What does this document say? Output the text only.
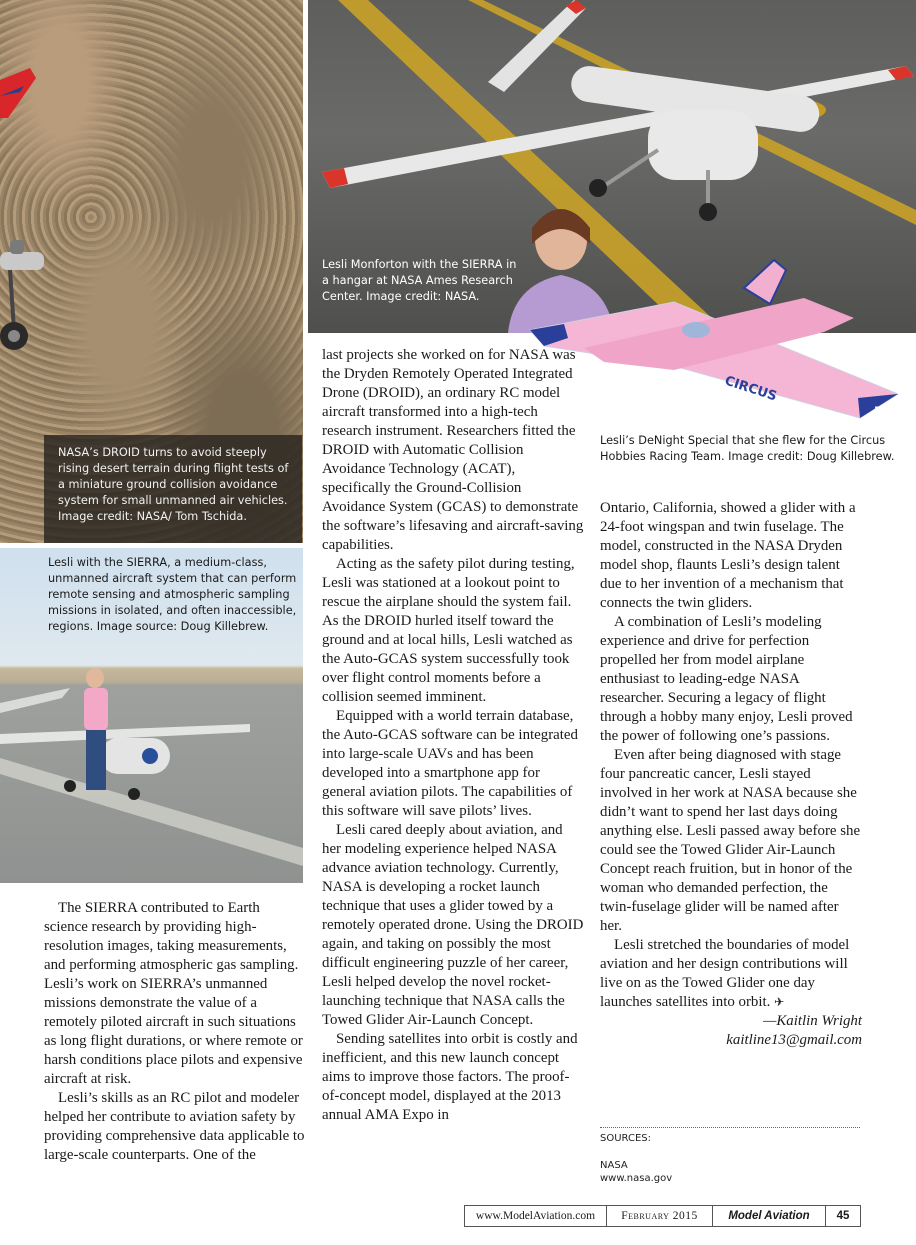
NASA’s DROID turns to avoid steeply rising desert terrain during flight tests of a miniature ground collision avoidance system for small unmanned air vehicles. Image credit: NASA/ Tom Tschida.
Lesli Monforton with the SIERRA in a hangar at NASA Ames Research Center. Image credit: NASA.
CIRCUS
7
Lesli’s DeNight Special that she flew for the Circus Hobbies Racing Team. Image credit: Doug Killebrew.
Lesli with the SIERRA, a medium-class, unmanned aircraft system that can perform remote sensing and atmospheric sampling missions in isolated, and often inaccessible, regions. Image source: Doug Killebrew.

The SIERRA contributed to Earth science research by providing high-resolution images, taking measurements, and performing atmospheric gas sampling. Lesli’s work on SIERRA’s unmanned missions demonstrate the value of a remotely piloted aircraft in such situations as long flight durations, or where remote or harsh conditions place pilots and expensive aircraft at risk.

Lesli’s skills as an RC pilot and modeler helped her contribute to aviation safety by providing comprehensive data applicable to large-scale counterparts. One of the

last projects she worked on for NASA was the Dryden Remotely Operated Integrated Drone (DROID), an ordinary RC model aircraft transformed into a high-tech research instrument. Researchers fitted the DROID with Automatic Collision Avoidance Technology (ACAT), specifically the Ground-Collision Avoidance System (GCAS) to demonstrate the software’s lifesaving and aircraft-saving capabilities.

Acting as the safety pilot during testing, Lesli was stationed at a lookout point to rescue the airplane should the system fail. As the DROID hurled itself toward the ground and at local hills, Lesli watched as the Auto-GCAS system successfully took over flight control moments before a collision seemed imminent.

Equipped with a world terrain database, the Auto-GCAS software can be integrated into large-scale UAVs and has been developed into a smartphone app for general aviation pilots. The capabilities of this software will save pilots’ lives.

Lesli cared deeply about aviation, and her modeling experience helped NASA advance aviation technology. Currently, NASA is developing a rocket launch technique that uses a glider towed by a remotely operated drone. Using the DROID again, and taking on possibly the most difficult engineering puzzle of her career, Lesli helped develop the novel rocket-launching technique that NASA calls the Towed Glider Air-Launch Concept.

Sending satellites into orbit is costly and inefficient, and this new launch concept aims to improve those factors. The proof-of-concept model, displayed at the 2013 annual AMA Expo in

Ontario, California, showed a glider with a 24-foot wingspan and twin fuselage. The model, constructed in the NASA Dryden model shop, flaunts Lesli’s design talent due to her invention of a mechanism that connects the twin gliders.

A combination of Lesli’s modeling experience and drive for perfection propelled her from model airplane enthusiast to leading-edge NASA researcher. Securing a legacy of flight through a hobby many enjoy, Lesli proved the power of following one’s passions.

Even after being diagnosed with stage four pancreatic cancer, Lesli stayed involved in her work at NASA because she didn’t want to spend her last days doing anything else. Lesli passed away before she could see the Towed Glider Air-Launch Concept reach fruition, but in honor of the woman who demanded perfection, the twin-fuselage glider will be named after her.

Lesli stretched the boundaries of model aviation and her design contributions will live on as the Towed Glider one day launches satellites into orbit. ✈

—Kaitlin Wright
kaitline13@gmail.com
SOURCES:
NASA
www.nasa.gov
www.ModelAviation.com	February 2015	Model Aviation	45
